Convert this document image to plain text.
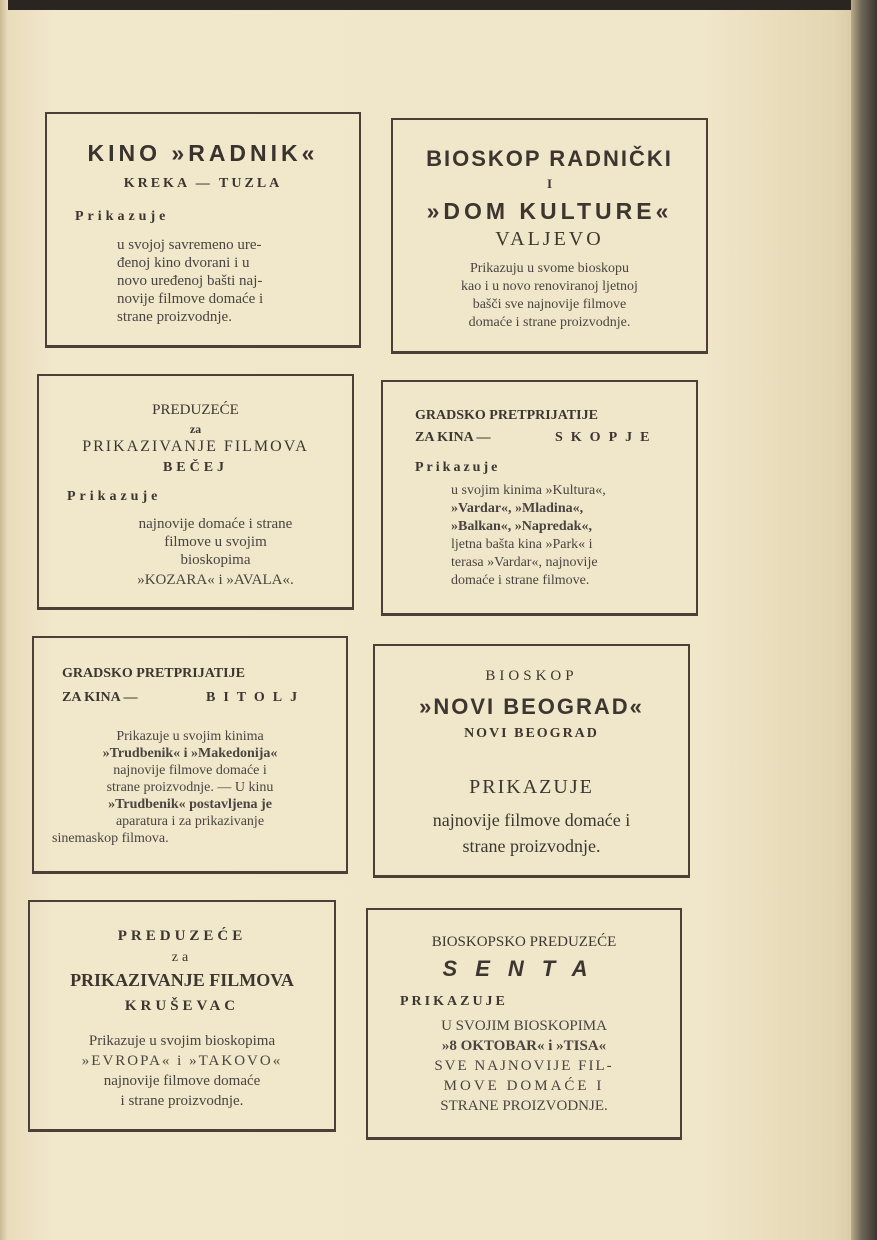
KINO »RADNIK«
KREKA — TUZLA
Prikazuje
u svojoj savremeno ure-
đenoj kino dvorani i u
novo uređenoj bašti naj-
novije filmove domaće i
strane proizvodnje.
BIOSKOP RADNIČKI
I
»DOM KULTURE«
VALJEVO
Prikazuju u svome bioskopu
kao i u novo renoviranoj ljetnoj
bašči sve najnovije filmove
domaće i strane proizvodnje.
PREDUZEĆE
za
PRIKAZIVANJE FILMOVA
BEČEJ
Prikazuje
najnovije domaće i strane
filmove u svojim
bioskopima
»KOZARA« i »AVALA«.
GRADSKO PRETPRIJATIJE
ZA KINA —	SKOPJE
Prikazuje
u svojim kinima »Kultura«,
»Vardar«, »Mladina«,
»Balkan«, »Napredak«,
ljetna bašta kina »Park« i
terasa »Vardar«, najnovije
domaće i strane filmove.
GRADSKO PRETPRIJATIJE
ZA KINA —	BITOLJ
Prikazuje u svojim kinima
»Trudbenik« i »Makedonija«
najnovije filmove domaće i
strane proizvodnje. — U kinu
»Trudbenik« postavljena je
aparatura i za prikazivanje
sinemaskop filmova.
BIOSKOP
»NOVI BEOGRAD«
NOVI BEOGRAD
PRIKAZUJE
najnovije filmove domaće i
strane proizvodnje.
PREDUZEĆE
za
PRIKAZIVANJE FILMOVA
KRUŠEVAC
Prikazuje u svojim bioskopima
»EVROPA« i »TAKOVO«
najnovije filmove domaće
i strane proizvodnje.
BIOSKOPSKO PREDUZEĆE
SENTA
PRIKAZUJE
U SVOJIM BIOSKOPIMA
»8 OKTOBAR« i »TISA«
SVE NAJNOVIJE FIL-
MOVE DOMAĆE I
STRANE PROIZVODNJE.
